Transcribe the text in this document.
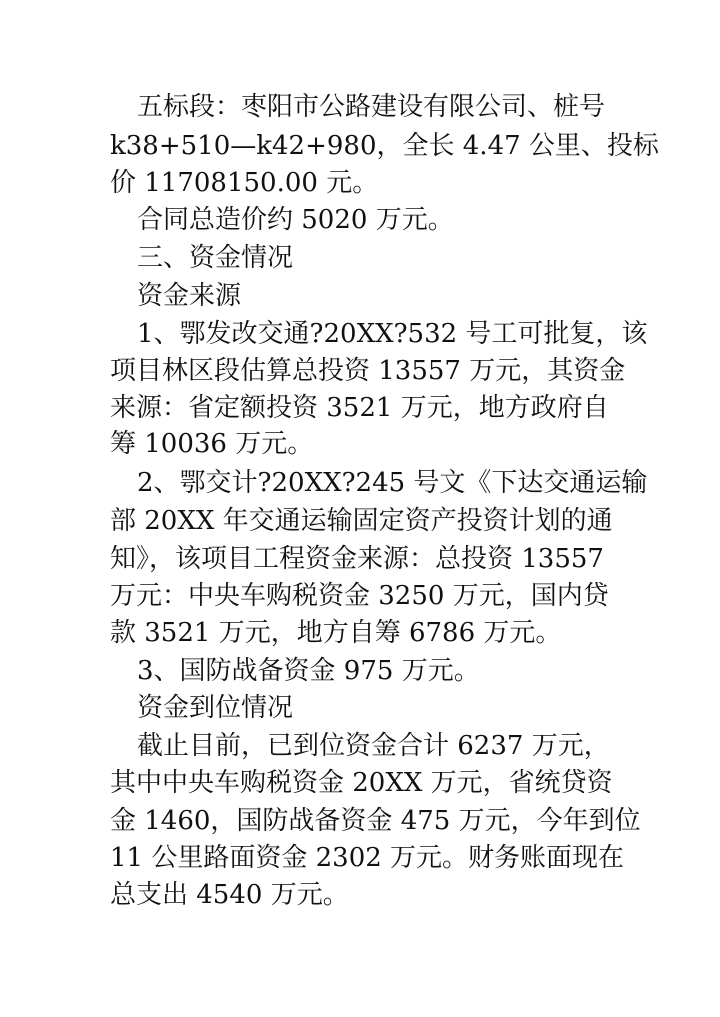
五标段：枣阳市公路建设有限公司、桩号
k38+510—k42+980，全长 4.47 公里、投标
价 11708150.00 元。
合同总造价约 5020 万元。
三、资金情况
资金来源
1、鄂发改交通?20XX?532 号工可批复，该
项目林区段估算总投资 13557 万元，其资金
来源：省定额投资 3521 万元，地方政府自
筹 10036 万元。
2、鄂交计?20XX?245 号文《下达交通运输
部 20XX 年交通运输固定资产投资计划的通
知》，该项目工程资金来源：总投资 13557
万元：中央车购税资金 3250 万元，国内贷
款 3521 万元，地方自筹 6786 万元。
3、国防战备资金 975 万元。
资金到位情况
截止目前，已到位资金合计 6237 万元，
其中中央车购税资金 20XX 万元，省统贷资
金 1460，国防战备资金 475 万元，今年到位
11 公里路面资金 2302 万元。财务账面现在
总支出 4540 万元。
